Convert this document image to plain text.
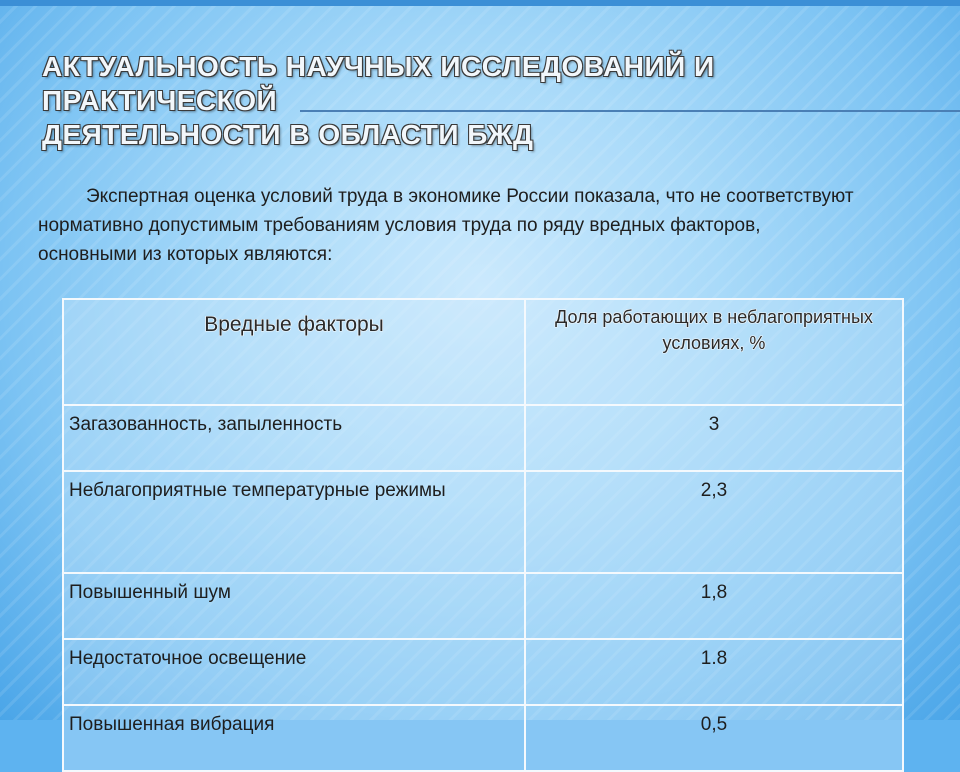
АКТУАЛЬНОСТЬ НАУЧНЫХ ИССЛЕДОВАНИЙ И ПРАКТИЧЕСКОЙ
ДЕЯТЕЛЬНОСТИ В ОБЛАСТИ БЖД

Экспертная оценка условий труда в экономике России показала, что не соответствуют нормативно допустимым требованиям условия труда по ряду вредных факторов, основными из которых являются:

Вредные факторы	Доля работающих в неблагоприятных условиях, %
Загазованность, запыленность	3
Неблагоприятные температурные режимы	2,3
Повышенный шум	1,8
Недостаточное освещение	1.8
Повышенная вибрация	0,5
